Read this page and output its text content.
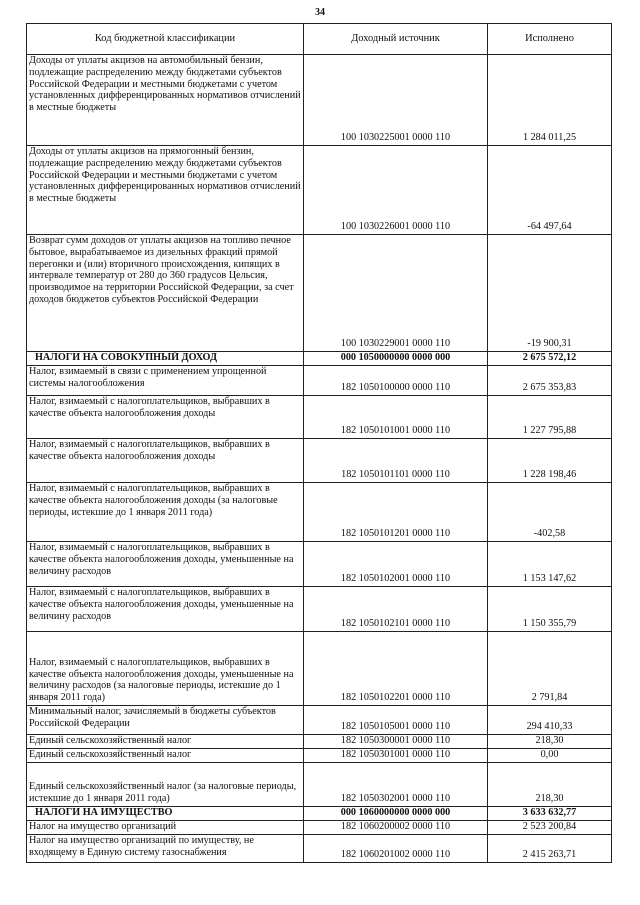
34
Код бюджетной классификации	Доходный источник	Исполнено
Доходы от уплаты акцизов на автомобильный бензин, подлежащие распределению между бюджетами субъектов Российской Федерации и местными бюджетами с учетом установленных дифференцированных нормативов отчислений в местные бюджеты	100 1030225001 0000 110	1 284 011,25
Доходы от уплаты акцизов на прямогонный бензин, подлежащие распределению между бюджетами субъектов Российской Федерации и местными бюджетами с учетом установленных дифференцированных нормативов отчислений в местные бюджеты	100 1030226001 0000 110	-64 497,64
Возврат сумм доходов от уплаты акцизов на топливо печное бытовое, вырабатываемое из дизельных фракций прямой перегонки и (или) вторичного происхождения, кипящих в интервале температур от 280 до 360 градусов Цельсия, производимое на территории Российской Федерации, за счет доходов бюджетов субъектов Российской Федерации	100 1030229001 0000 110	-19 900,31
НАЛОГИ НА СОВОКУПНЫЙ ДОХОД	000 1050000000 0000 000	2 675 572,12
Налог, взимаемый в связи с применением упрощенной системы налогообложения	182 1050100000 0000 110	2 675 353,83
Налог, взимаемый с налогоплательщиков, выбравших в качестве объекта налогообложения доходы	182 1050101001 0000 110	1 227 795,88
Налог, взимаемый с налогоплательщиков, выбравших в качестве объекта налогообложения доходы	182 1050101101 0000 110	1 228 198,46
Налог, взимаемый с налогоплательщиков, выбравших в качестве объекта налогообложения доходы (за налоговые периоды, истекшие до 1 января 2011 года)	182 1050101201 0000 110	-402,58
Налог, взимаемый с налогоплательщиков, выбравших в качестве объекта налогообложения доходы, уменьшенные на величину расходов	182 1050102001 0000 110	1 153 147,62
Налог, взимаемый с налогоплательщиков, выбравших в качестве объекта налогообложения доходы, уменьшенные на величину расходов	182 1050102101 0000 110	1 150 355,79
Налог, взимаемый с налогоплательщиков, выбравших в качестве объекта налогообложения доходы, уменьшенные на величину расходов (за налоговые периоды, истекшие до 1 января 2011 года)	182 1050102201 0000 110	2 791,84
Минимальный налог, зачисляемый в бюджеты субъектов Российской Федерации	182 1050105001 0000 110	294 410,33
Единый сельскохозяйственный налог	182 1050300001 0000 110	218,30
Единый сельскохозяйственный налог	182 1050301001 0000 110	0,00
Единый сельскохозяйственный налог (за налоговые периоды, истекшие до 1 января 2011 года)	182 1050302001 0000 110	218,30
НАЛОГИ НА ИМУЩЕСТВО	000 1060000000 0000 000	3 633 632,77
Налог на имущество организаций	182 1060200002 0000 110	2 523 200,84
Налог на имущество организаций по имуществу, не входящему в Единую систему газоснабжения	182 1060201002 0000 110	2 415 263,71
